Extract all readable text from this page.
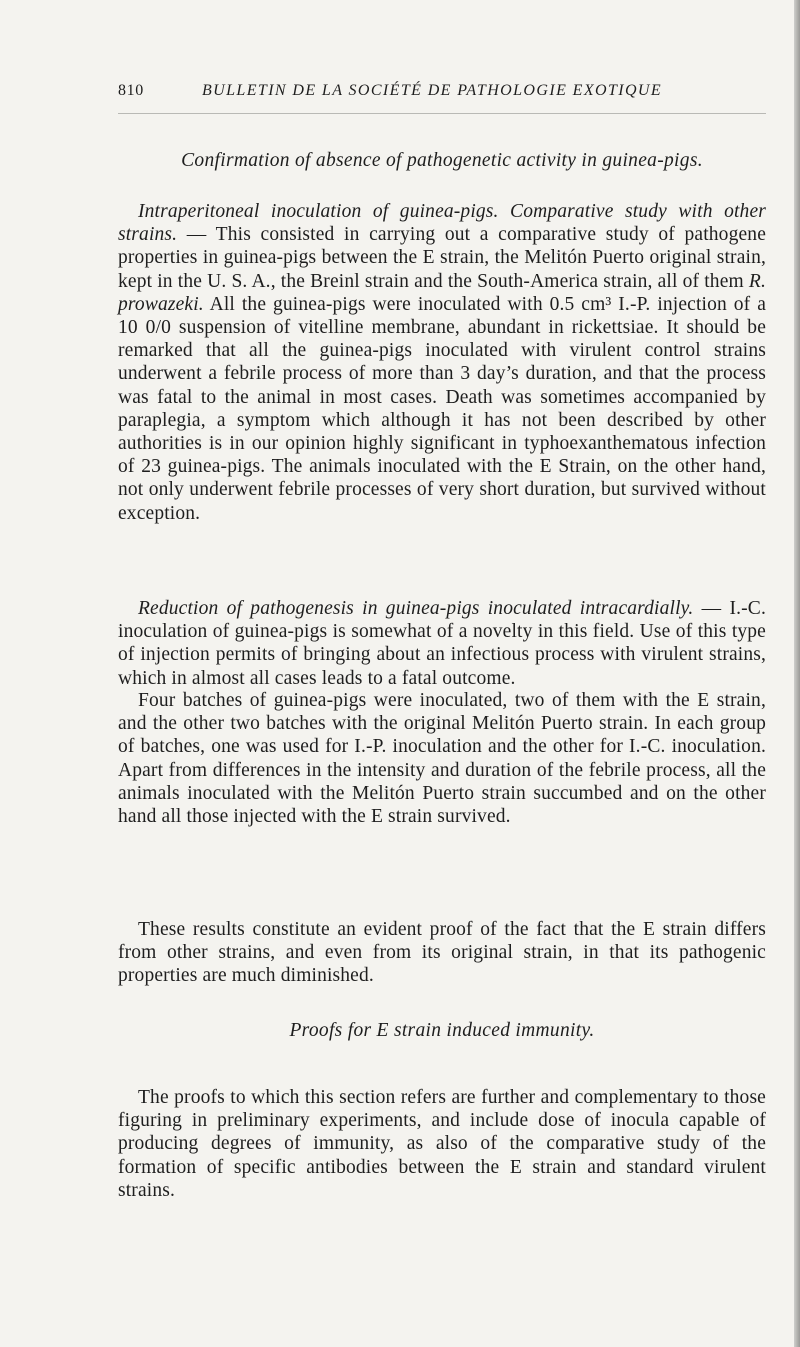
810	BULLETIN DE LA SOCIÉTÉ DE PATHOLOGIE EXOTIQUE
Confirmation of absence of pathogenetic activity in guinea-pigs.

Intraperitoneal inoculation of guinea-pigs. Comparative study with other strains. — This consisted in carrying out a comparative study of pathogene properties in guinea-pigs between the E strain, the Melitón Puerto original strain, kept in the U. S. A., the Breinl strain and the South-America strain, all of them R. prowazeki. All the guinea-pigs were inoculated with 0.5 cm³ I.-P. injection of a 10 0/0 suspension of vitelline membrane, abundant in rickettsiae. It should be remarked that all the guinea-pigs inoculated with virulent control strains underwent a febrile process of more than 3 day’s duration, and that the process was fatal to the animal in most cases. Death was sometimes accompanied by paraplegia, a symptom which although it has not been described by other authorities is in our opinion highly significant in typhoexanthematous infection of 23 guinea-pigs. The animals inoculated with the E Strain, on the other hand, not only underwent febrile processes of very short duration, but survived without exception.

Reduction of pathogenesis in guinea-pigs inoculated intracardially. — I.-C. inoculation of guinea-pigs is somewhat of a novelty in this field. Use of this type of injection permits of bringing about an infectious process with virulent strains, which in almost all cases leads to a fatal outcome.

Four batches of guinea-pigs were inoculated, two of them with the E strain, and the other two batches with the original Melitón Puerto strain. In each group of batches, one was used for I.-P. inoculation and the other for I.-C. inoculation. Apart from differences in the intensity and duration of the febrile process, all the animals inoculated with the Melitón Puerto strain succumbed and on the other hand all those injected with the E strain survived.

These results constitute an evident proof of the fact that the E strain differs from other strains, and even from its original strain, in that its pathogenic properties are much diminished.

Proofs for E strain induced immunity.

The proofs to which this section refers are further and complementary to those figuring in preliminary experiments, and include dose of inocula capable of producing degrees of immunity, as also of the comparative study of the formation of specific antibodies between the E strain and standard virulent strains.
